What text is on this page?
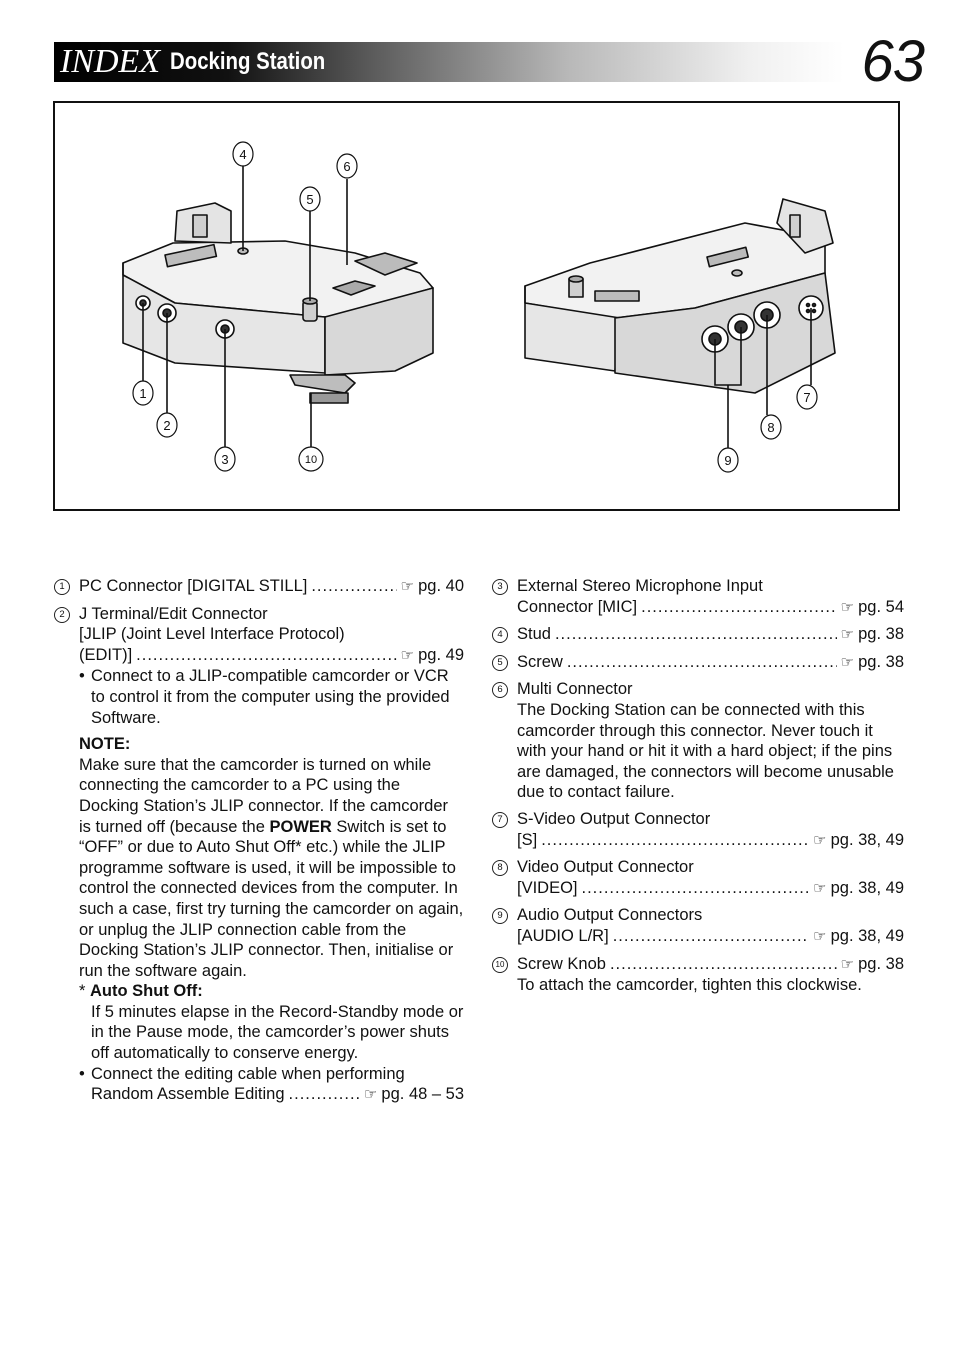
INDEX Docking Station	63
1
2
3
4
5
6
7
8
9
10
1 PC Connector [DIGITAL STILL] .....	☞ pg. 40
2 J Terminal/Edit Connector
[JLIP (Joint Level Interface Protocol)
(EDIT)] .....	☞ pg. 49
• Connect to a JLIP-compatible camcorder or VCR to control it from the computer using the provided Software.
NOTE:
Make sure that the camcorder is turned on while connecting the camcorder to a PC using the Docking Station’s JLIP connector. If the camcorder is turned off (because the POWER Switch is set to “OFF” or due to Auto Shut Off* etc.) while the JLIP programme software is used, it will be impossible to control the connected devices from the computer. In such a case, first try turning the camcorder on again, or unplug the JLIP connection cable from the Docking Station’s JLIP connector. Then, initialise or run the software again.
* Auto Shut Off:
If 5 minutes elapse in the Record-Standby mode or in the Pause mode, the camcorder’s power shuts off automatically to conserve energy.
• Connect the editing cable when performing
Random Assemble Editing .....	☞ pg. 48 – 53
3 External Stereo Microphone Input
Connector [MIC] .....	☞ pg. 54
4 Stud .....	☞ pg. 38
5 Screw .....	☞ pg. 38
6 Multi Connector
The Docking Station can be connected with this camcorder through this connector. Never touch it with your hand or hit it with a hard object; if the pins are damaged, the connectors will become unusable due to contact failure.
7 S-Video Output Connector
[S] .....	☞ pg. 38, 49
8 Video Output Connector
[VIDEO] .....	☞ pg. 38, 49
9 Audio Output Connectors
[AUDIO L/R] .....	☞ pg. 38, 49
10 Screw Knob .....	☞ pg. 38
To attach the camcorder, tighten this clockwise.
